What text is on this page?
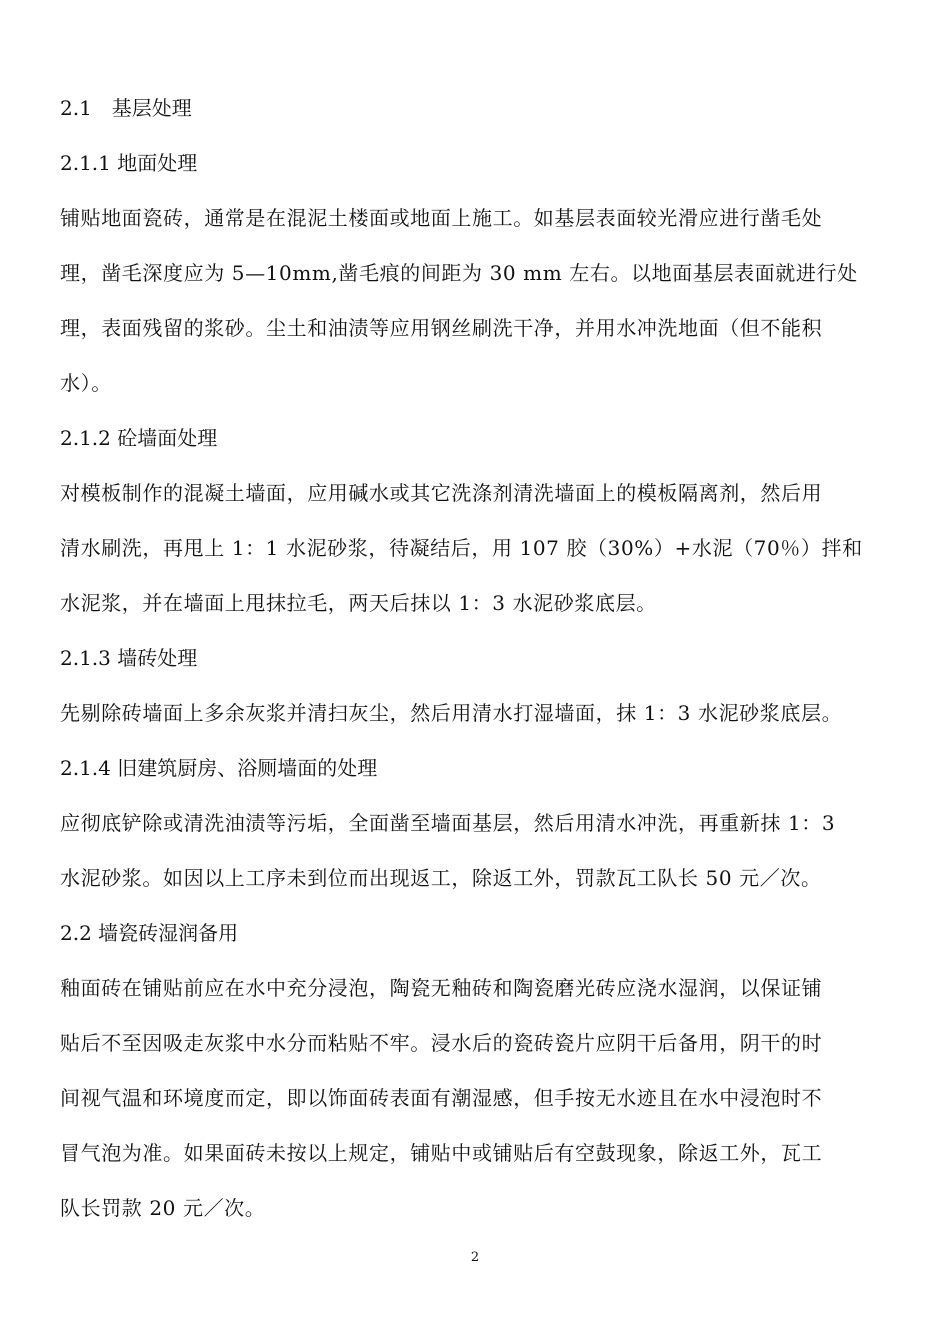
2.1　基层处理
2.1.1 地面处理
铺贴地面瓷砖，通常是在混泥土楼面或地面上施工。如基层表面较光滑应进行凿毛处
理，凿毛深度应为 5—10mm,凿毛痕的间距为 30 mm 左右。以地面基层表面就进行处
理，表面残留的浆砂。尘土和油渍等应用钢丝刷洗干净，并用水冲洗地面（但不能积
水）。
2.1.2 砼墙面处理
对模板制作的混凝土墙面，应用碱水或其它洗涤剂清洗墙面上的模板隔离剂，然后用
清水刷洗，再甩上 1：1 水泥砂浆，待凝结后，用 107 胶（30%）+水泥（70％）拌和
水泥浆，并在墙面上甩抹拉毛，两天后抹以 1：3 水泥砂浆底层。
2.1.3 墙砖处理
先剔除砖墙面上多余灰浆并清扫灰尘，然后用清水打湿墙面，抹 1：3 水泥砂浆底层。
2.1.4 旧建筑厨房、浴厕墙面的处理
应彻底铲除或清洗油渍等污垢，全面凿至墙面基层，然后用清水冲洗，再重新抹 1：3
水泥砂浆。如因以上工序未到位而出现返工，除返工外，罚款瓦工队长 50 元／次。
2.2 墙瓷砖湿润备用
釉面砖在铺贴前应在水中充分浸泡，陶瓷无釉砖和陶瓷磨光砖应浇水湿润，以保证铺
贴后不至因吸走灰浆中水分而粘贴不牢。浸水后的瓷砖瓷片应阴干后备用，阴干的时
间视气温和环境度而定，即以饰面砖表面有潮湿感，但手按无水迹且在水中浸泡时不
冒气泡为准。如果面砖未按以上规定，铺贴中或铺贴后有空鼓现象，除返工外，瓦工
队长罚款 20 元／次。
2
